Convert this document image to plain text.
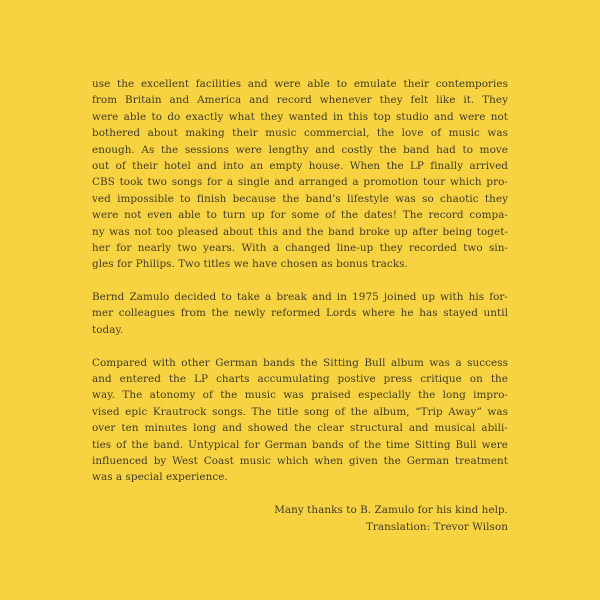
use the excellent facilities and were able to emulate their contempories
from Britain and America and record whenever they felt like it. They
were able to do exactly what they wanted in this top studio and were not
bothered about making their music commercial, the love of music was
enough. As the sessions were lengthy and costly the band had to move
out of their hotel and into an empty house. When the LP finally arrived
CBS took two songs for a single and arranged a promotion tour which pro-
ved impossible to finish because the band’s lifestyle was so chaotic they
were not even able to turn up for some of the dates! The record compa-
ny was not too pleased about this and the band broke up after being toget-
her for nearly two years. With a changed line-up they recorded two sin-
gles for Philips. Two titles we have chosen as bonus tracks.
Bernd Zamulo decided to take a break and in 1975 joined up with his for-
mer colleagues from the newly reformed Lords where he has stayed until
today.
Compared with other German bands the Sitting Bull album was a success
and entered the LP charts accumulating postive press critique on the
way. The atonomy of the music was praised especially the long impro-
vised epic Krautrock songs. The title song of the album, “Trip Away” was
over ten minutes long and showed the clear structural and musical abili-
ties of the band. Untypical for German bands of the time Sitting Bull were
influenced by West Coast music which when given the German treatment
was a special experience.
Many thanks to B. Zamulo for his kind help.
Translation: Trevor Wilson
